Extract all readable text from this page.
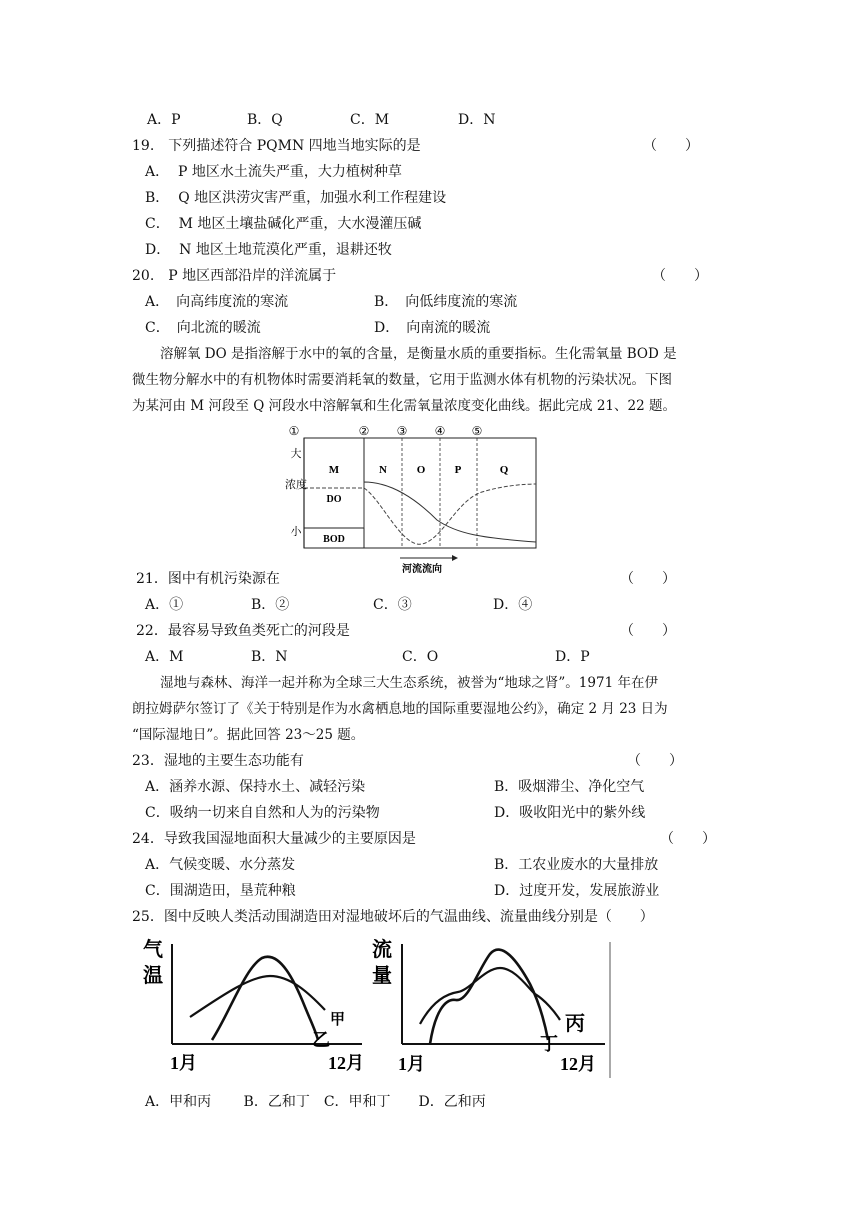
A．P	B．Q	C．M	D．N
19.　下列描述符合 PQMN 四地当地实际的是	（　　）
A．  P 地区水土流失严重，大力植树种草
B．  Q 地区洪涝灾害严重，加强水利工作程建设
C．  M 地区土壤盐碱化严重，大水漫灌压碱
D．  N 地区土地荒漠化严重，退耕还牧
20.　P 地区西部沿岸的洋流属于	（　　）
A．　向高纬度流的寒流	B．　向低纬度流的寒流
C．　向北流的暖流	D．　向南流的暖流
溶解氧 DO 是指溶解于水中的氧的含量，是衡量水质的重要指标。生化需氧量 BOD 是
微生物分解水中的有机物体时需要消耗氧的数量，它用于监测水体有机物的污染状况。下图
为某河由 M 河段至 Q 河段水中溶解氧和生化需氧量浓度变化曲线。据此完成 21、22 题。
①	② ③ ④ ⑤
大
浓度
小
M	N	O	P	Q
DO
BOD
河流流向
21．图中有机污染源在	（　　）
A．①	B．②	C．③	D．④
22．最容易导致鱼类死亡的河段是	（　　）
A．M	B．N	C．O	D．P
湿地与森林、海洋一起并称为全球三大生态系统，被誉为“地球之肾”。1971 年在伊
朗拉姆萨尔签订了《关于特别是作为水禽栖息地的国际重要湿地公约》，确定 2 月 23 日为
“国际湿地日”。据此回答 23～25 题。
23．湿地的主要生态功能有	（　　）
A．涵养水源、保持水土、减轻污染	B．吸烟滞尘、净化空气
C．吸纳一切来自自然和人为的污染物	D．吸收阳光中的紫外线
24．导致我国湿地面积大量减少的主要原因是	（　　）
A．气候变暖、水分蒸发	B．工农业废水的大量排放
C．围湖造田，垦荒种粮	D．过度开发，发展旅游业
25．图中反映人类活动围湖造田对湿地破坏后的气温曲线、流量曲线分别是（　　）
气
温
甲
乙
1月	12月
流
量
丙
丁
1月	12月
A．甲和丙　　 B．乙和丁　C．甲和丁　　D．乙和丙
